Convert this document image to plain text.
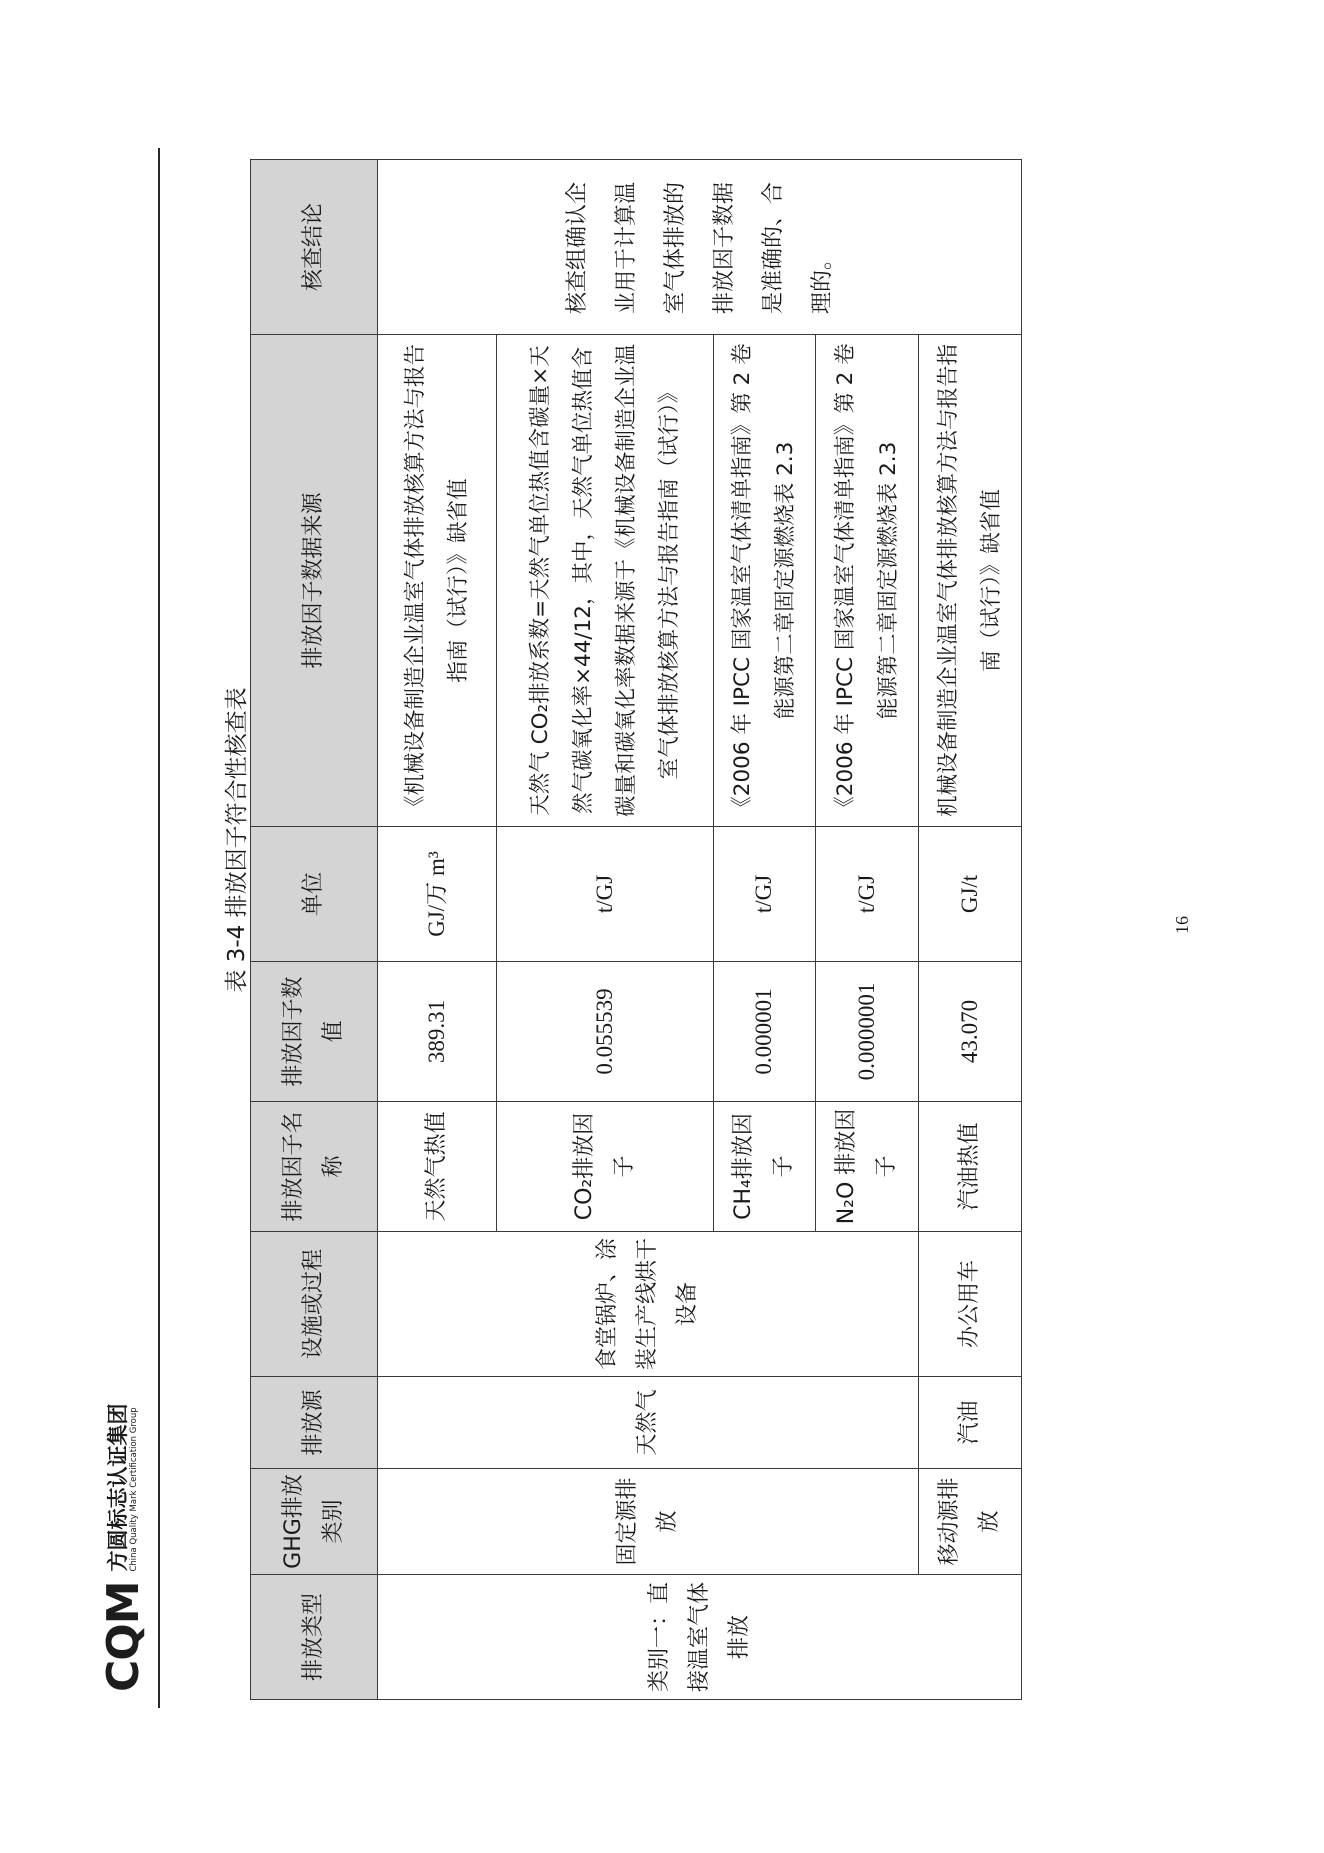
CQM
方圆标志认证集团 China Quality Mark Certification Group
表 3-4 排放因子符合性核查表
排放类型	GHG排放类别	排放源	设施或过程	排放因子名称	排放因子数值	单位	排放因子数据来源	核查结论
类别一：直接温室气体排放	固定源排放	天然气	食堂锅炉、涂装生产线烘干设备	天然气热值	389.31	GJ/万 m³	《机械设备制造企业温室气体排放核算方法与报告指南（试行）》缺省值	核查组确认企业用于计算温室气体排放的排放因子数据是准确的、合理的。
				CO₂排放因子	0.055539	t/GJ	天然气 CO₂排放系数=天然气单位热值含碳量×天然气碳氧化率×44/12，其中，天然气单位热值含碳量和碳氧化率数据来源于《机械设备制造企业温室气体排放核算方法与报告指南（试行）》	
				CH₄排放因子	0.000001	t/GJ	《2006 年 IPCC 国家温室气体清单指南》第 2 卷能源第二章固定源燃烧表 2.3	
				N₂O 排放因子	0.0000001	t/GJ	《2006 年 IPCC 国家温室气体清单指南》第 2 卷能源第二章固定源燃烧表 2.3	
	移动源排放	汽油	办公用车	汽油热值	43.070	GJ/t	机械设备制造企业温室气体排放核算方法与报告指南（试行）》缺省值	
16
